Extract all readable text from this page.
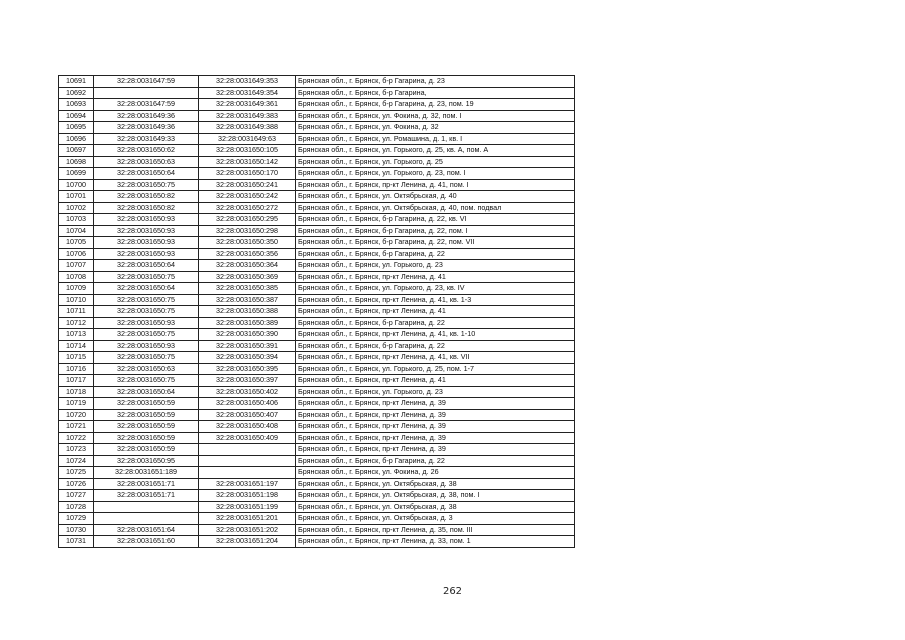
10691	32:28:0031647:59	32:28:0031649:353	Брянская обл., г. Брянск, б-р Гагарина, д. 23
10692		32:28:0031649:354	Брянская обл., г. Брянск, б-р Гагарина,
10693	32:28:0031647:59	32:28:0031649:361	Брянская обл., г. Брянск, б-р Гагарина, д. 23, пом. 19
10694	32:28:0031649:36	32:28:0031649:383	Брянская обл., г. Брянск, ул. Фокина, д. 32, пом. I
10695	32:28:0031649:36	32:28:0031649:388	Брянская обл., г. Брянск, ул. Фокина, д. 32
10696	32:28:0031649:33	32:28:0031649:63	Брянская обл., г. Брянск, ул. Ромашина, д. 1, кв. I
10697	32:28:0031650:62	32:28:0031650:105	Брянская обл., г. Брянск, ул. Горького, д. 25, кв. А, пом. А
10698	32:28:0031650:63	32:28:0031650:142	Брянская обл., г. Брянск, ул. Горького, д. 25
10699	32:28:0031650:64	32:28:0031650:170	Брянская обл., г. Брянск, ул. Горького, д. 23, пом. I
10700	32:28:0031650:75	32:28:0031650:241	Брянская обл., г. Брянск, пр-кт Ленина, д. 41, пом. I
10701	32:28:0031650:82	32:28:0031650:242	Брянская обл., г. Брянск, ул. Октябрьская, д. 40
10702	32:28:0031650:82	32:28:0031650:272	Брянская обл., г. Брянск, ул. Октябрьская, д. 40, пом. подвал
10703	32:28:0031650:93	32:28:0031650:295	Брянская обл., г. Брянск, б-р Гагарина, д. 22, кв. VI
10704	32:28:0031650:93	32:28:0031650:298	Брянская обл., г. Брянск, б-р Гагарина, д. 22, пом. I
10705	32:28:0031650:93	32:28:0031650:350	Брянская обл., г. Брянск, б-р Гагарина, д. 22, пом. VII
10706	32:28:0031650:93	32:28:0031650:356	Брянская обл., г. Брянск, б-р Гагарина, д. 22
10707	32:28:0031650:64	32:28:0031650:364	Брянская обл., г. Брянск, ул. Горького, д. 23
10708	32:28:0031650:75	32:28:0031650:369	Брянская обл., г. Брянск, пр-кт Ленина, д. 41
10709	32:28:0031650:64	32:28:0031650:385	Брянская обл., г. Брянск, ул. Горького, д. 23, кв. IV
10710	32:28:0031650:75	32:28:0031650:387	Брянская обл., г. Брянск, пр-кт Ленина, д. 41, кв. 1-3
10711	32:28:0031650:75	32:28:0031650:388	Брянская обл., г. Брянск, пр-кт Ленина, д. 41
10712	32:28:0031650:93	32:28:0031650:389	Брянская обл., г. Брянск, б-р Гагарина, д. 22
10713	32:28:0031650:75	32:28:0031650:390	Брянская обл., г. Брянск, пр-кт Ленина, д. 41, кв. 1-10
10714	32:28:0031650:93	32:28:0031650:391	Брянская обл., г. Брянск, б-р Гагарина, д. 22
10715	32:28:0031650:75	32:28:0031650:394	Брянская обл., г. Брянск, пр-кт Ленина, д. 41, кв. VII
10716	32:28:0031650:63	32:28:0031650:395	Брянская обл., г. Брянск, ул. Горького, д. 25, пом. 1-7
10717	32:28:0031650:75	32:28:0031650:397	Брянская обл., г. Брянск, пр-кт Ленина, д. 41
10718	32:28:0031650:64	32:28:0031650:402	Брянская обл., г. Брянск, ул. Горького, д. 23
10719	32:28:0031650:59	32:28:0031650:406	Брянская обл., г. Брянск, пр-кт Ленина, д. 39
10720	32:28:0031650:59	32:28:0031650:407	Брянская обл., г. Брянск, пр-кт Ленина, д. 39
10721	32:28:0031650:59	32:28:0031650:408	Брянская обл., г. Брянск, пр-кт Ленина, д. 39
10722	32:28:0031650:59	32:28:0031650:409	Брянская обл., г. Брянск, пр-кт Ленина, д. 39
10723	32:28:0031650:59		Брянская обл., г. Брянск, пр-кт Ленина, д. 39
10724	32:28:0031650:95		Брянская обл., г. Брянск, б-р Гагарина, д. 22
10725	32:28:0031651:189		Брянская обл., г. Брянск, ул. Фокина, д. 26
10726	32:28:0031651:71	32:28:0031651:197	Брянская обл., г. Брянск, ул. Октябрьская, д. 38
10727	32:28:0031651:71	32:28:0031651:198	Брянская обл., г. Брянск, ул. Октябрьская, д. 38, пом. I
10728		32:28:0031651:199	Брянская обл., г. Брянск, ул. Октябрьская, д. 38
10729		32:28:0031651:201	Брянская обл., г. Брянск, ул. Октябрьская, д. 3
10730	32:28:0031651:64	32:28:0031651:202	Брянская обл., г. Брянск, пр-кт Ленина, д. 35, пом. III
10731	32:28:0031651:60	32:28:0031651:204	Брянская обл., г. Брянск, пр-кт Ленина, д. 33, пом. 1
262
